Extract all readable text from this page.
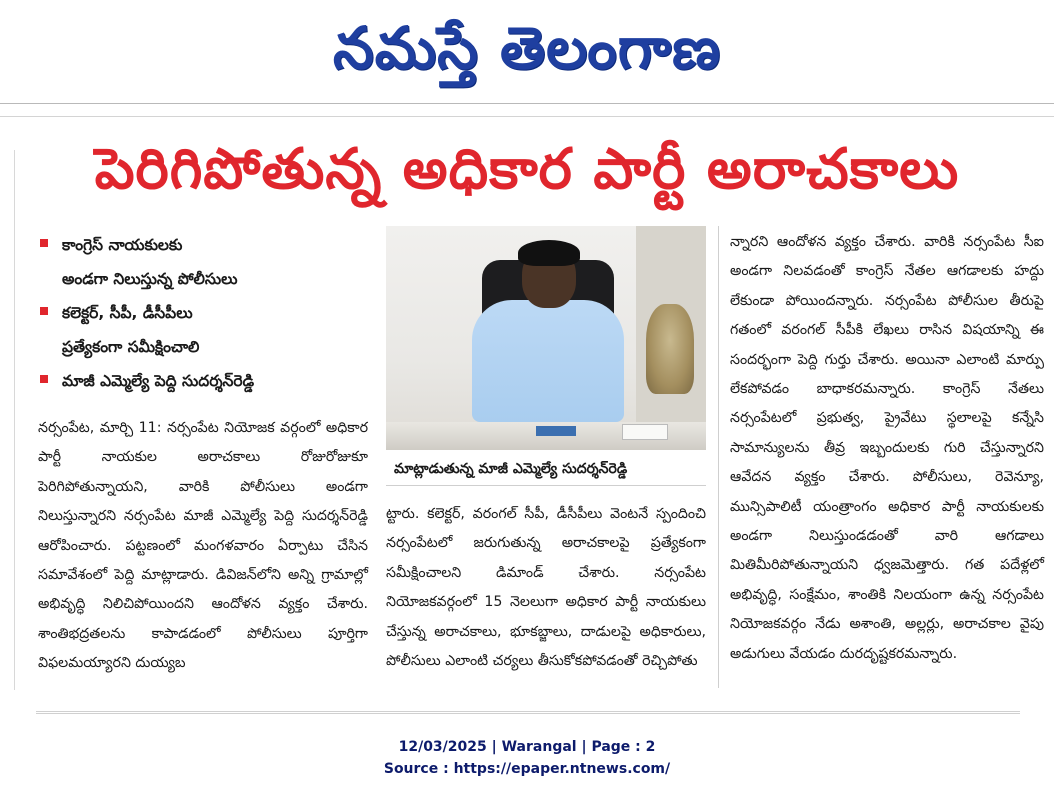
నమస్తే తెలంగాణ
పెరిగిపోతున్న అధికార పార్టీ అరాచకాలు
కాంగ్రెస్ నాయకులకు
అండగా నిలుస్తున్న పోలీసులు
కలెక్టర్, సీపీ, డీసీపీలు
ప్రత్యేకంగా సమీక్షించాలి
మాజీ ఎమ్మెల్యే పెద్ది సుదర్శన్‌రెడ్డి

నర్సంపేట, మార్చి 11: నర్సంపేట నియోజక వర్గంలో అధికార పార్టీ నాయకుల అరాచకాలు రోజురోజుకూ పెరిగిపోతున్నాయని, వారికి పోలీసులు అండగా నిలుస్తున్నారని నర్సంపేట మాజీ ఎమ్మెల్యే పెద్ది సుదర్శన్‌రెడ్డి ఆరోపించారు. పట్టణంలో మంగళవారం ఏర్పాటు చేసిన సమావేశంలో పెద్ది మాట్లాడారు. డివిజన్‌లోని అన్ని గ్రామాల్లో అభివృద్ధి నిలిచిపోయిందని ఆందోళన వ్యక్తం చేశారు. శాంతిభద్రతలను కాపాడడంలో పోలీసులు పూర్తిగా విఫలమయ్యారని దుయ్యబ

మాట్లాడుతున్న మాజీ ఎమ్మెల్యే సుదర్శన్‌రెడ్డి

ట్టారు. కలెక్టర్, వరంగల్ సీపీ, డీసీపీలు వెంటనే స్పందించి నర్సంపేటలో జరుగుతున్న అరాచకాలపై ప్రత్యేకంగా సమీక్షించాలని డిమాండ్ చేశారు. నర్సంపేట నియోజకవర్గంలో 15 నెలలుగా అధికార పార్టీ నాయకులు చేస్తున్న అరాచకాలు, భూకబ్జాలు, దాడులపై అధికారులు, పోలీసులు ఎలాంటి చర్యలు తీసుకోకపోవడంతో రెచ్చిపోతు

న్నారని ఆందోళన వ్యక్తం చేశారు. వారికి నర్సంపేట సీఐ అండగా నిలవడంతో కాంగ్రెస్ నేతల ఆగడాలకు హద్దు లేకుండా పోయిందన్నారు. నర్సంపేట పోలీసుల తీరుపై గతంలో వరంగల్ సీపీకి లేఖలు రాసిన విషయాన్ని ఈ సందర్భంగా పెద్ది గుర్తు చేశారు. అయినా ఎలాంటి మార్పు లేకపోవడం బాధాకరమన్నారు. కాంగ్రెస్ నేతలు నర్సంపేటలో ప్రభుత్వ, ప్రైవేటు స్థలాలపై కన్నేసి సామాన్యులను తీవ్ర ఇబ్బందులకు గురి చేస్తున్నారని ఆవేదన వ్యక్తం చేశారు. పోలీసులు, రెవెన్యూ, మున్సిపాలిటీ యంత్రాంగం అధికార పార్టీ నాయకులకు అండగా నిలుస్తుండడంతో వారి ఆగడాలు మితిమీరిపోతున్నాయని ధ్వజమెత్తారు. గత పదేళ్లలో అభివృద్ధి, సంక్షేమం, శాంతికి నిలయంగా ఉన్న నర్సంపేట నియోజకవర్గం నేడు అశాంతి, అల్లర్లు, అరాచకాల వైపు అడుగులు వేయడం దురదృష్టకరమన్నారు.

12/03/2025 | Warangal | Page : 2
Source : https://epaper.ntnews.com/
